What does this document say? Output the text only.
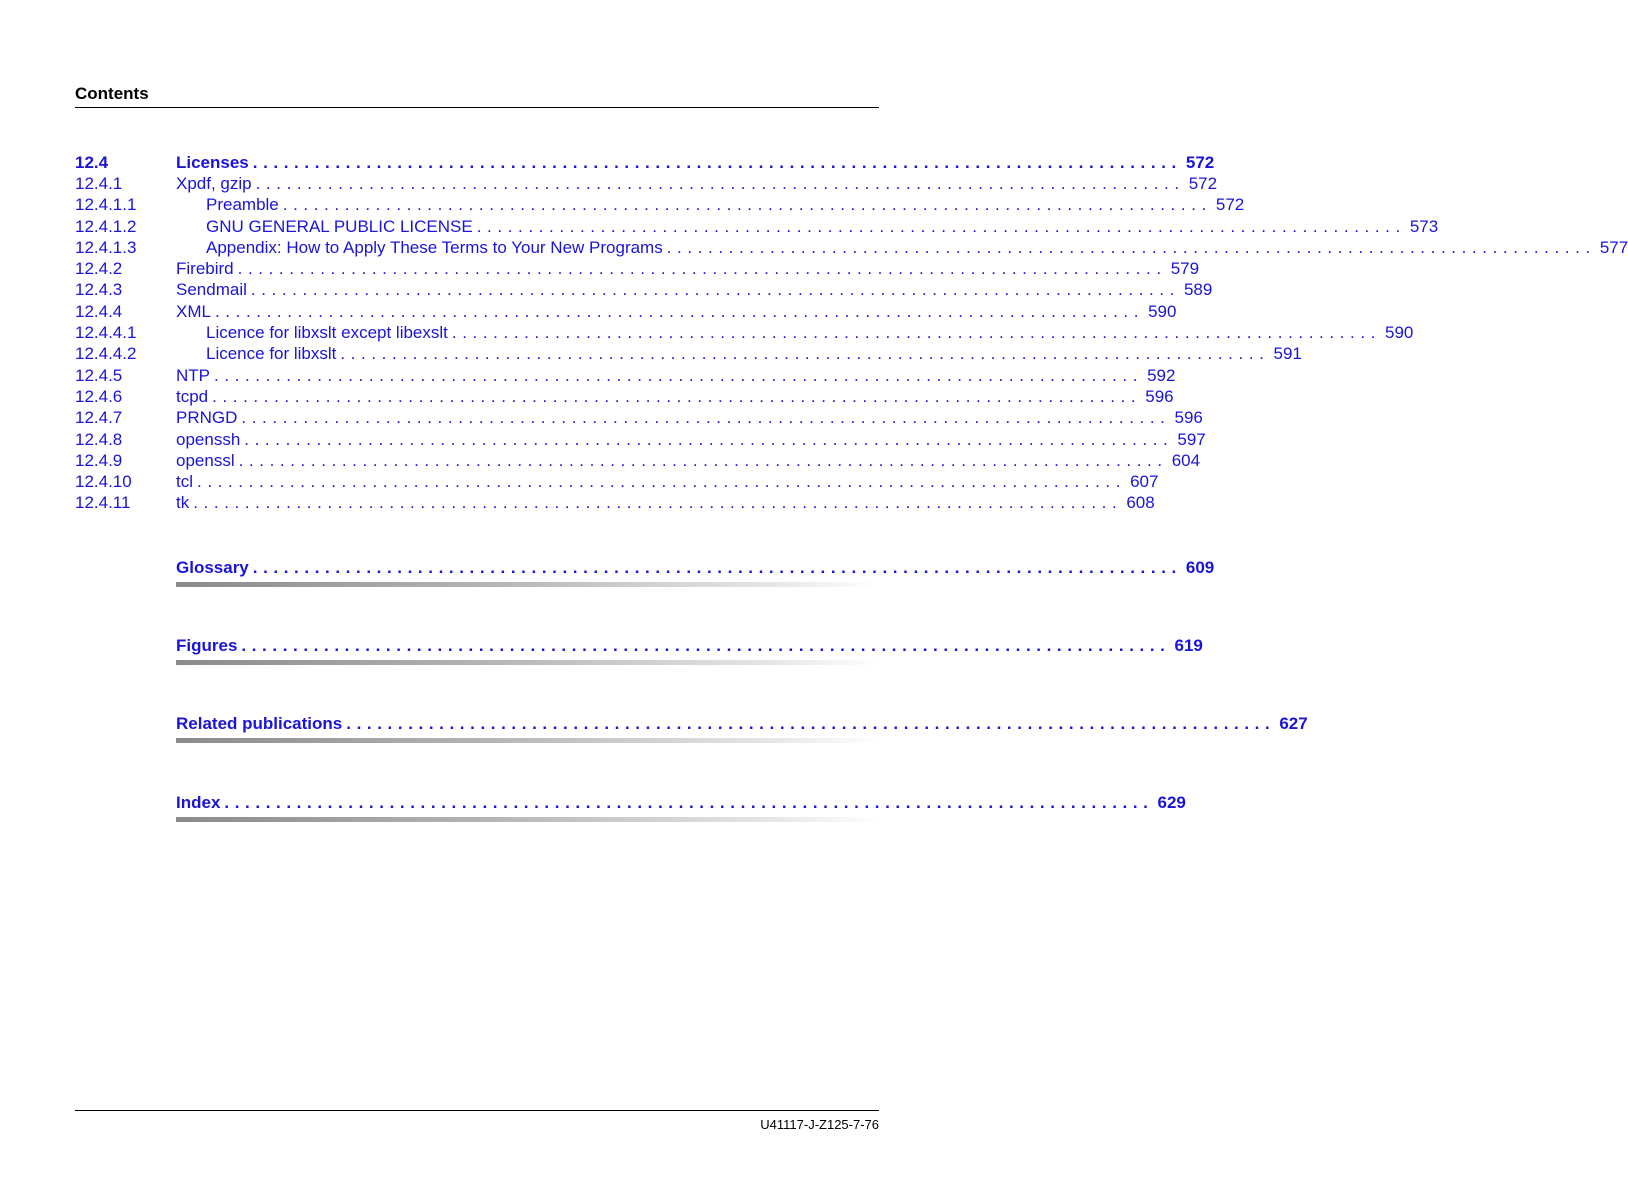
Contents
12.4	Licenses .......................................................................................... 572
12.4.1	Xpdf, gzip .......................................................................................... 572
12.4.1.1	Preamble .......................................................................................... 572
12.4.1.2	GNU GENERAL PUBLIC LICENSE .......................................................................................... 573
12.4.1.3	Appendix: How to Apply These Terms to Your New Programs .......................................................................................... 577
12.4.2	Firebird .......................................................................................... 579
12.4.3	Sendmail .......................................................................................... 589
12.4.4	XML .......................................................................................... 590
12.4.4.1	Licence for libxslt except libexslt .......................................................................................... 590
12.4.4.2	Licence for libxslt .......................................................................................... 591
12.4.5	NTP .......................................................................................... 592
12.4.6	tcpd .......................................................................................... 596
12.4.7	PRNGD .......................................................................................... 596
12.4.8	openssh .......................................................................................... 597
12.4.9	openssl .......................................................................................... 604
12.4.10	tcl .......................................................................................... 607
12.4.11	tk .......................................................................................... 608
Glossary .......................................................................................... 609
Figures .......................................................................................... 619
Related publications .......................................................................................... 627
Index .......................................................................................... 629
U41117-J-Z125-7-76
